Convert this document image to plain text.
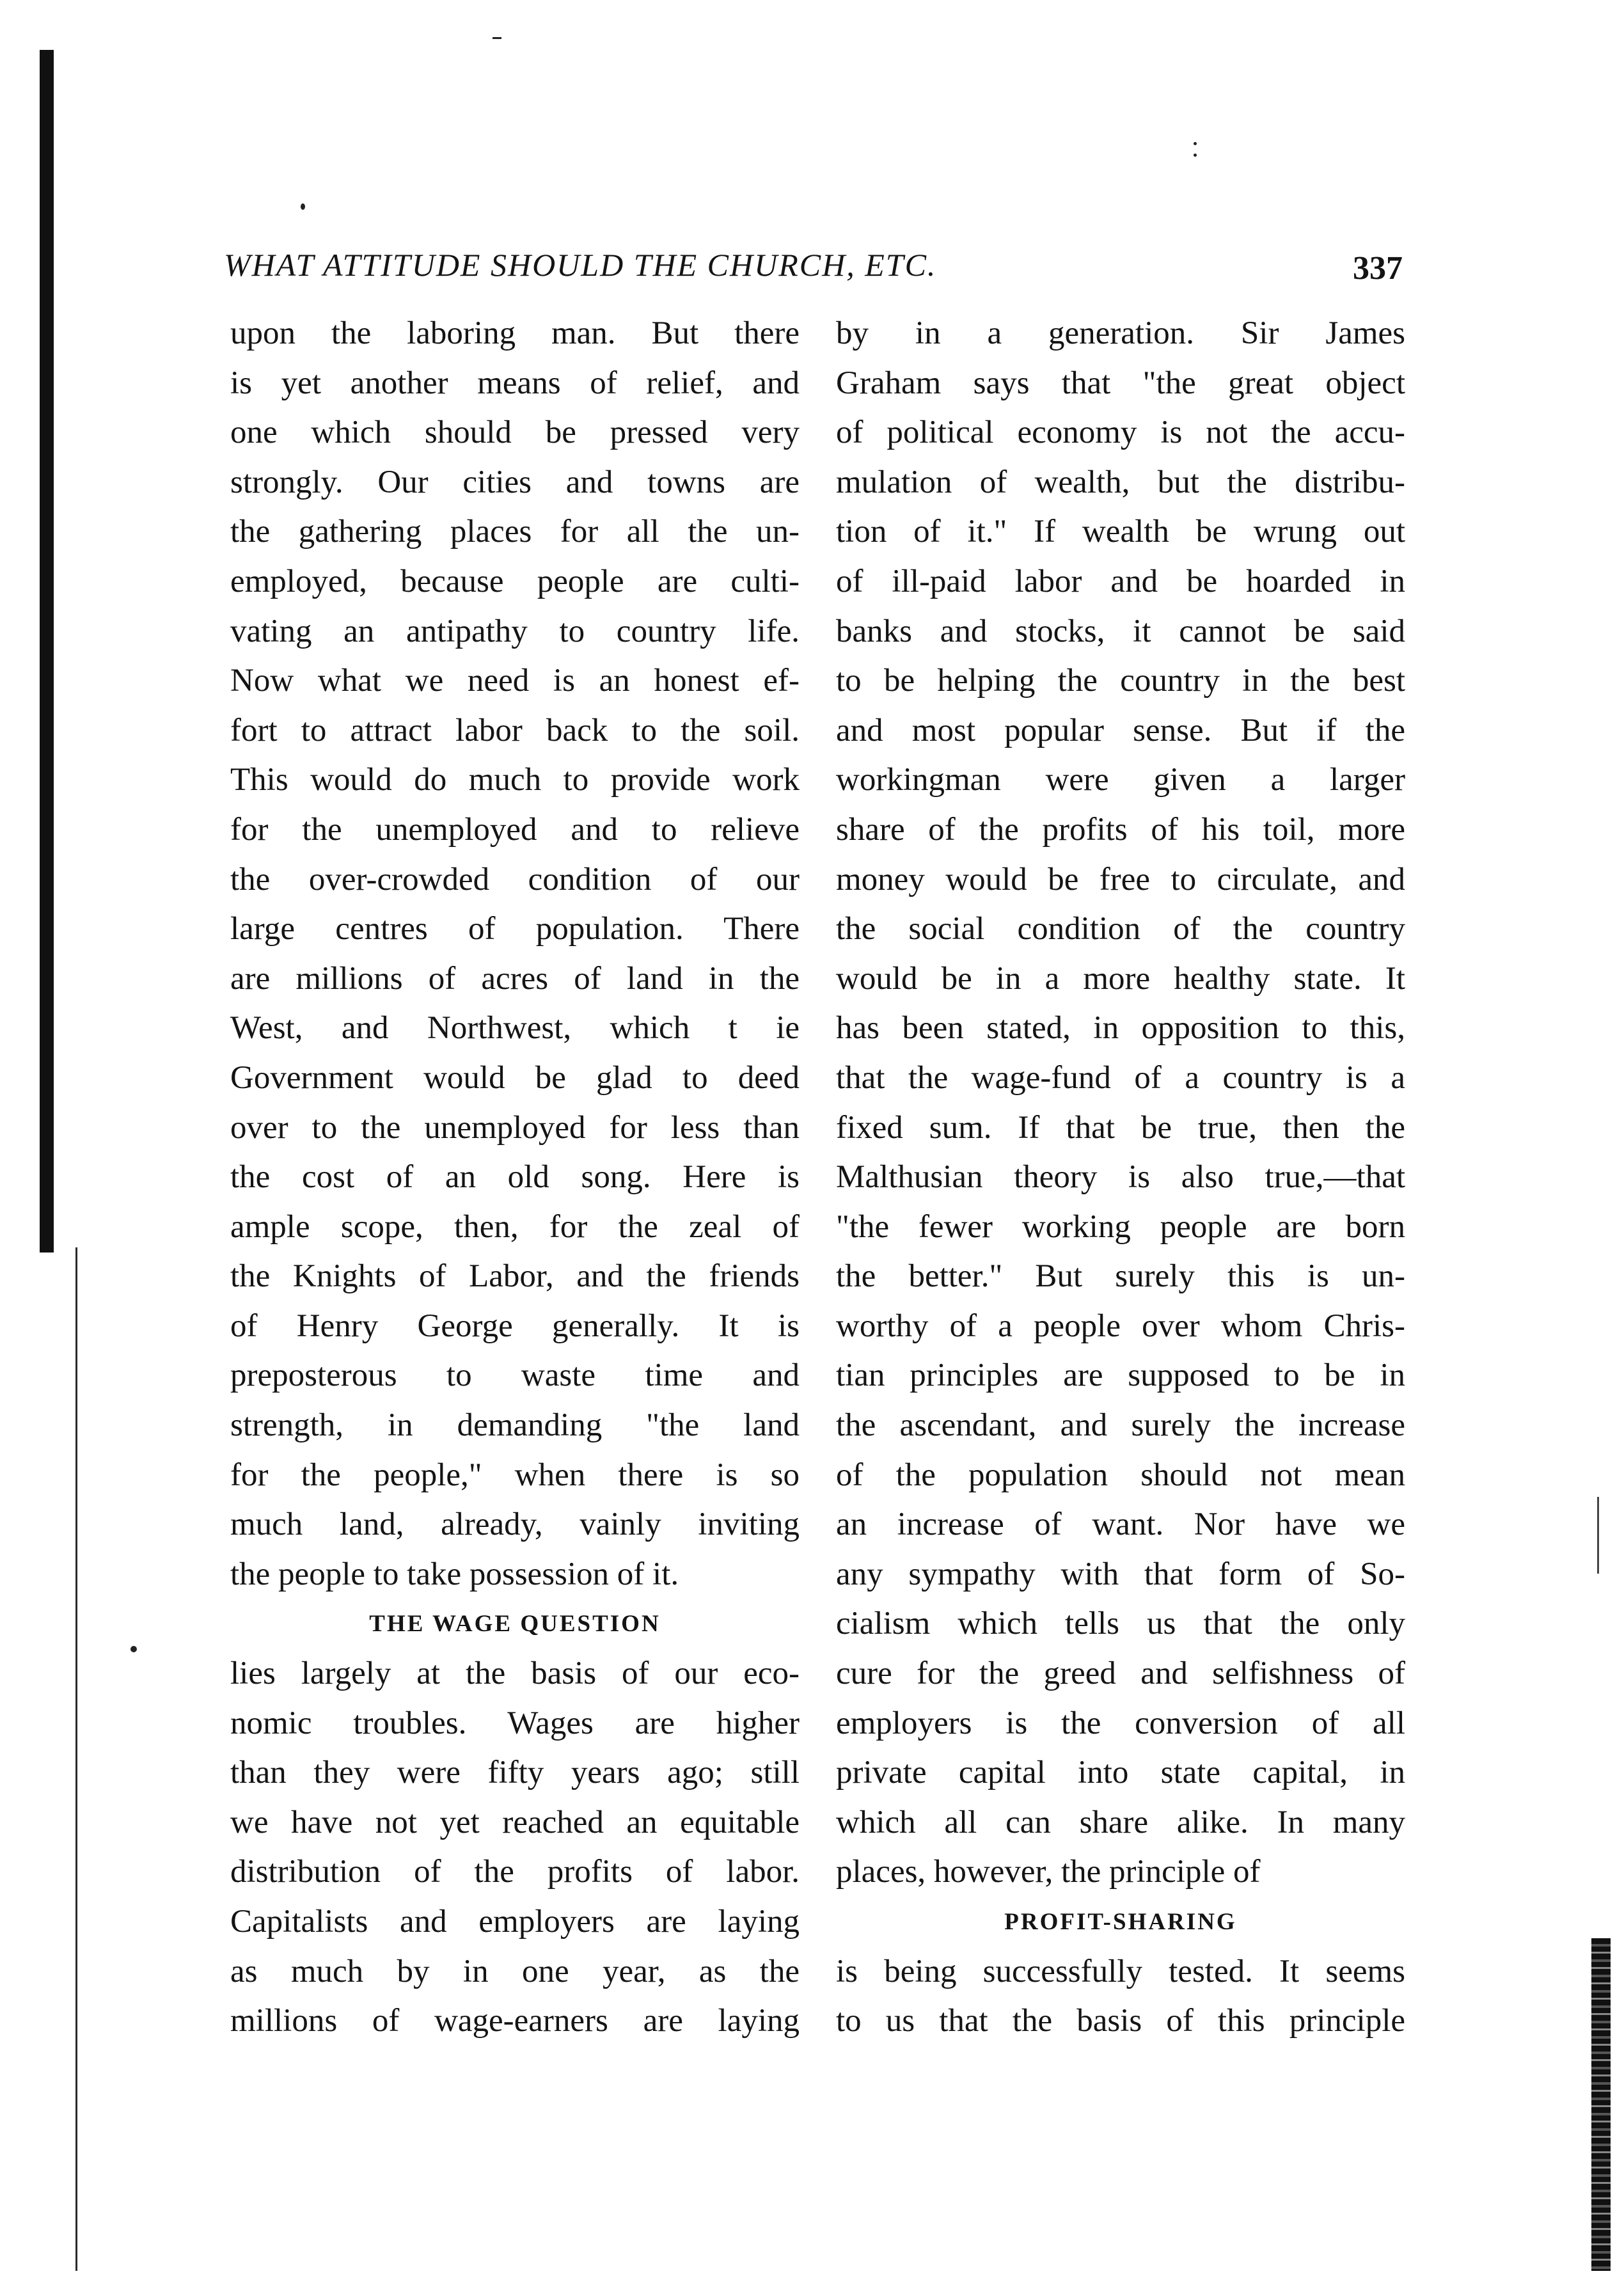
WHAT ATTITUDE SHOULD THE CHURCH, ETC.	337
upon the laboring man. But there
is yet another means of relief, and
one which should be pressed very
strongly. Our cities and towns are
the gathering places for all the un-
employed, because people are culti-
vating an antipathy to country life.
Now what we need is an honest ef-
fort to attract labor back to the soil.
This would do much to provide work
for the unemployed and to relieve
the over-crowded condition of our
large centres of population. There
are millions of acres of land in the
West, and Northwest, which t ie
Government would be glad to deed
over to the unemployed for less than
the cost of an old song. Here is
ample scope, then, for the zeal of
the Knights of Labor, and the friends
of Henry George generally. It is
preposterous to waste time and
strength, in demanding "the land
for the people," when there is so
much land, already, vainly inviting
the people to take possession of it.
THE WAGE QUESTION
lies largely at the basis of our eco-
nomic troubles. Wages are higher
than they were fifty years ago; still
we have not yet reached an equitable
distribution of the profits of labor.
Capitalists and employers are laying
as much by in one year, as the
millions of wage-earners are laying
by in a generation. Sir James
Graham says that "the great object
of political economy is not the accu-
mulation of wealth, but the distribu-
tion of it." If wealth be wrung out
of ill-paid labor and be hoarded in
banks and stocks, it cannot be said
to be helping the country in the best
and most popular sense. But if the
workingman were given a larger
share of the profits of his toil, more
money would be free to circulate, and
the social condition of the country
would be in a more healthy state. It
has been stated, in opposition to this,
that the wage-fund of a country is a
fixed sum. If that be true, then the
Malthusian theory is also true,—that
"the fewer working people are born
the better." But surely this is un-
worthy of a people over whom Chris-
tian principles are supposed to be in
the ascendant, and surely the increase
of the population should not mean
an increase of want. Nor have we
any sympathy with that form of So-
cialism which tells us that the only
cure for the greed and selfishness of
employers is the conversion of all
private capital into state capital, in
which all can share alike. In many
places, however, the principle of
PROFIT-SHARING
is being successfully tested. It seems
to us that the basis of this principle
